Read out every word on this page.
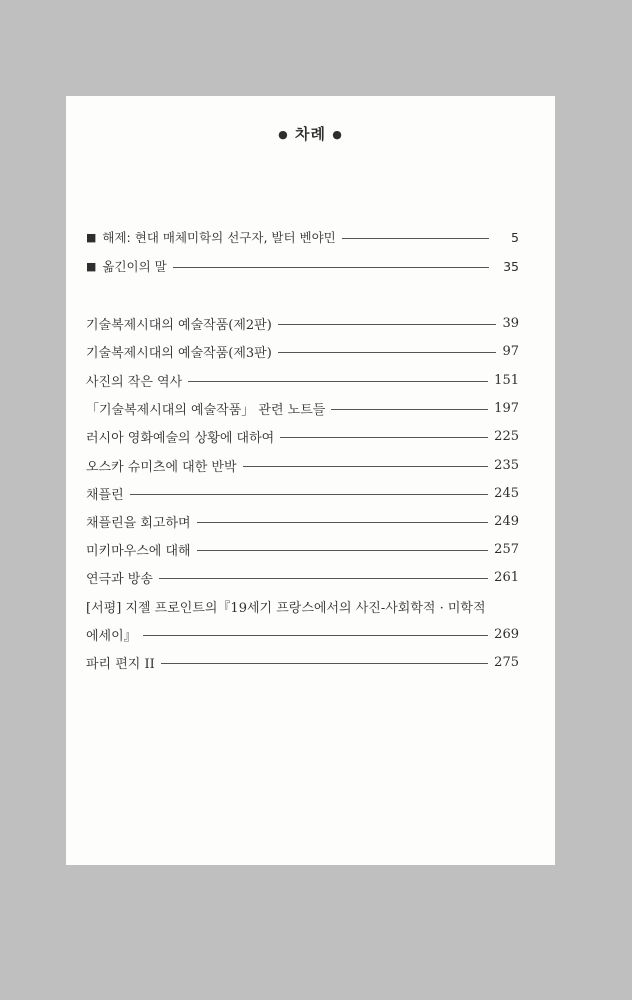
● 차례 ●
■ 해제: 현대 매체미학의 선구자, 발터 벤야민	5
■ 옮긴이의 말	35
기술복제시대의 예술작품(제2판)	39
기술복제시대의 예술작품(제3판)	97
사진의 작은 역사	151
「기술복제시대의 예술작품」 관련 노트들	197
러시아 영화예술의 상황에 대하여	225
오스카 슈미츠에 대한 반박	235
채플린	245
채플린을 회고하며	249
미키마우스에 대해	257
연극과 방송	261
[서평] 지젤 프로인트의『19세기 프랑스에서의 사진-사회학적 · 미학적
에세이』	269
파리 편지 II	275
